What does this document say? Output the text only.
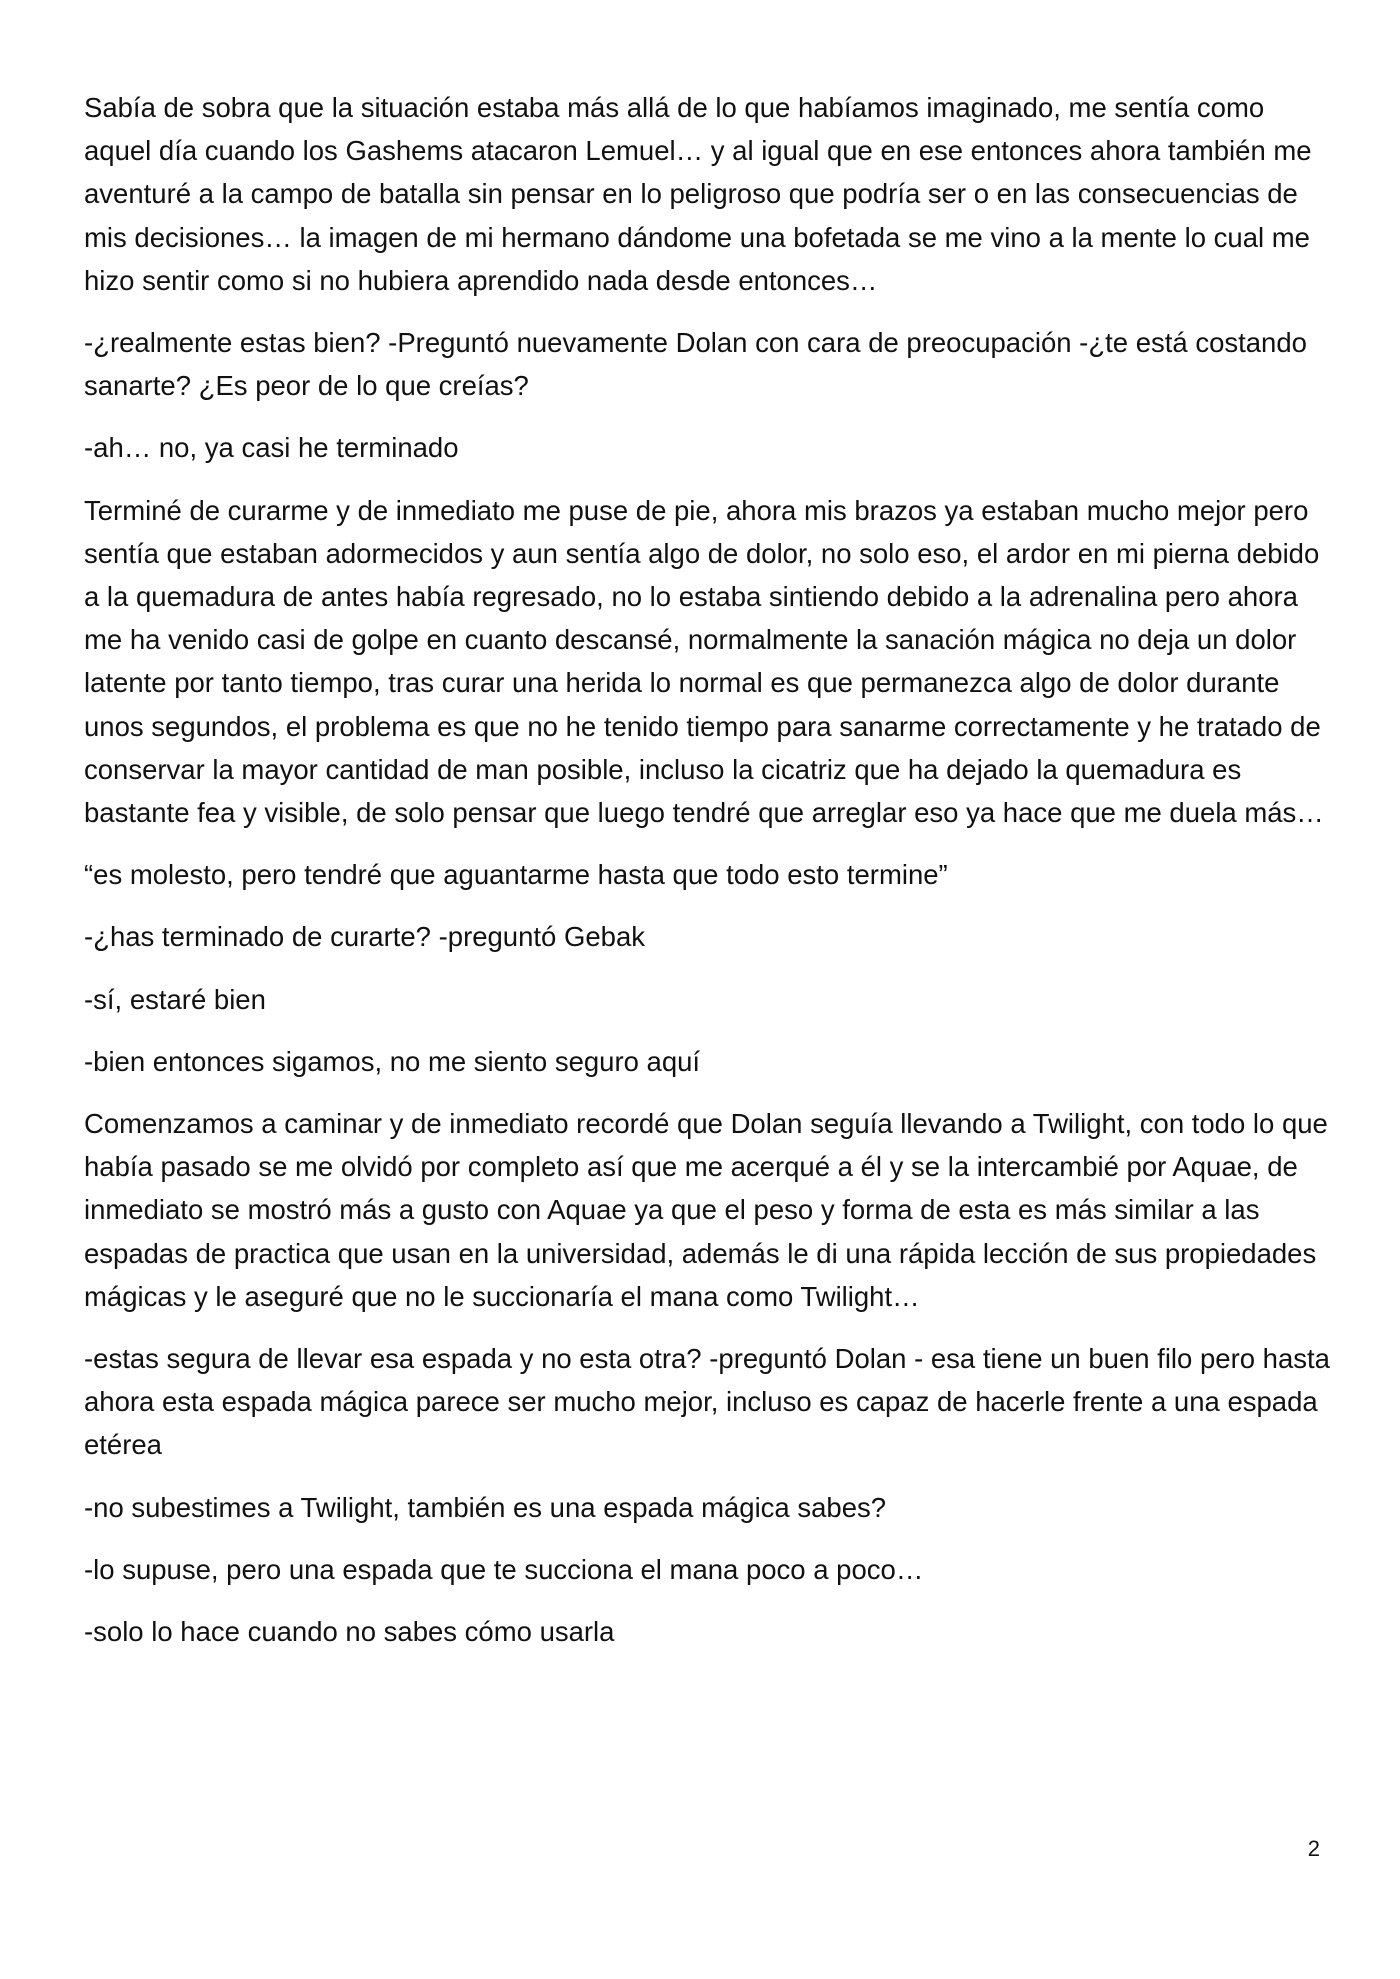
Sabía de sobra que la situación estaba más allá de lo que habíamos imaginado, me sentía como aquel día cuando los Gashems atacaron Lemuel… y al igual que en ese entonces ahora también me aventuré a la campo de batalla sin pensar en lo peligroso que podría ser o en las consecuencias de mis decisiones… la imagen de mi hermano dándome una bofetada se me vino a la mente lo cual me hizo sentir como si no hubiera aprendido nada desde entonces…

-¿realmente estas bien? -Preguntó nuevamente Dolan con cara de preocupación -¿te está costando sanarte? ¿Es peor de lo que creías?

-ah… no, ya casi he terminado

Terminé de curarme y de inmediato me puse de pie, ahora mis brazos ya estaban mucho mejor pero sentía que estaban adormecidos y aun sentía algo de dolor, no solo eso, el ardor en mi pierna debido a la quemadura de antes había regresado, no lo estaba sintiendo debido a la adrenalina pero ahora me ha venido casi de golpe en cuanto descansé, normalmente la sanación mágica no deja un dolor latente por tanto tiempo, tras curar una herida lo normal es que permanezca algo de dolor durante unos segundos, el problema es que no he tenido tiempo para sanarme correctamente y he tratado de conservar la mayor cantidad de man posible, incluso la cicatriz que ha dejado la quemadura es bastante fea y visible, de solo pensar que luego tendré que arreglar eso ya hace que me duela más…

“es molesto, pero tendré que aguantarme hasta que todo esto termine”

-¿has terminado de curarte? -preguntó Gebak

-sí, estaré bien

-bien entonces sigamos, no me siento seguro aquí

Comenzamos a caminar y de inmediato recordé que Dolan seguía llevando a Twilight, con todo lo que había pasado se me olvidó por completo así que me acerqué a él y se la intercambié por Aquae, de inmediato se mostró más a gusto con Aquae ya que el peso y forma de esta es más similar a las espadas de practica que usan en la universidad, además le di una rápida lección de sus propiedades mágicas y le aseguré que no le succionaría el mana como Twilight…

-estas segura de llevar esa espada y no esta otra? -preguntó Dolan - esa tiene un buen filo pero hasta ahora esta espada mágica parece ser mucho mejor, incluso es capaz de hacerle frente a una espada etérea

-no subestimes a Twilight, también es una espada mágica sabes?

-lo supuse, pero una espada que te succiona el mana poco a poco…

-solo lo hace cuando no sabes cómo usarla

2
